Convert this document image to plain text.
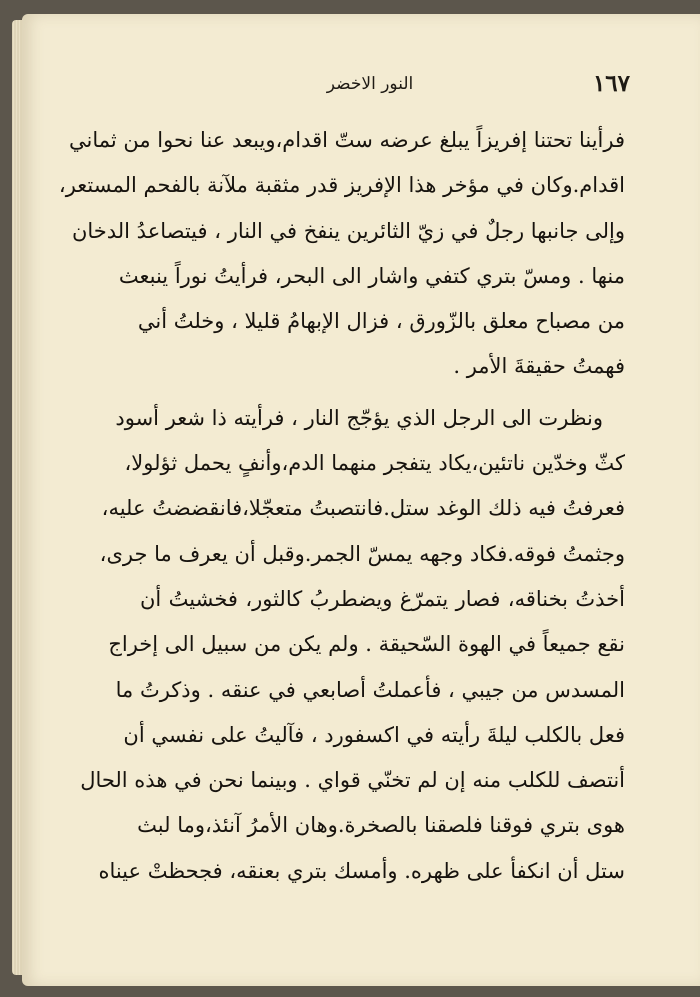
النور الاخضر	١٦٧
فرأينا تحتنا إفريزاً يبلغ عرضه ستّ اقدام،ويبعد عنا نحوا من ثماني
اقدام.وكان في مؤخر هذا الإفريز قدر مثقبة ملآنة بالفحم المستعر،
وإلى جانبها رجلٌ في زيّ الثائرين ينفخ في النار ، فيتصاعدُ الدخان
منها . ومسّ بتري كتفي واشار الى البحر، فرأيتُ نوراً ينبعث
من مصباح معلق بالزّورق ، فزال الإبهامُ قليلا ، وخلتُ أني
فهمتُ حقيقةَ الأمر .
ونظرت الى الرجل الذي يؤجّج النار ، فرأيته ذا شعر أسود
كثّ وخدّين ناتئين،يكاد يتفجر منهما الدم،وأنفٍ يحمل ثؤلولا،
فعرفتُ فيه ذلك الوغد ستل.فانتصبتُ متعجّلا،فانقضضتُ عليه،
وجثمتُ فوقه.فكاد وجهه يمسّ الجمر.وقبل أن يعرف ما جرى،
أخذتُ بخناقه، فصار يتمرّغ ويضطربُ كالثور، فخشيتُ أن
نقع جميعاً في الهوة السّحيقة . ولم يكن من سبيل الى إخراج
المسدس من جيبي ، فأعملتُ أصابعي في عنقه . وذكرتُ ما
فعل بالكلب ليلةَ رأيته في اكسفورد ، فآليتُ على نفسي أن
أنتصف للكلب منه إن لم تخنّي قواي . وبينما نحن في هذه الحال
هوى بتري فوقنا فلصقنا بالصخرة.وهان الأمرُ آنئذ،وما لبث
ستل أن انكفأ على ظهره. وأمسك بتري بعنقه، فجحظتْ عيناه
